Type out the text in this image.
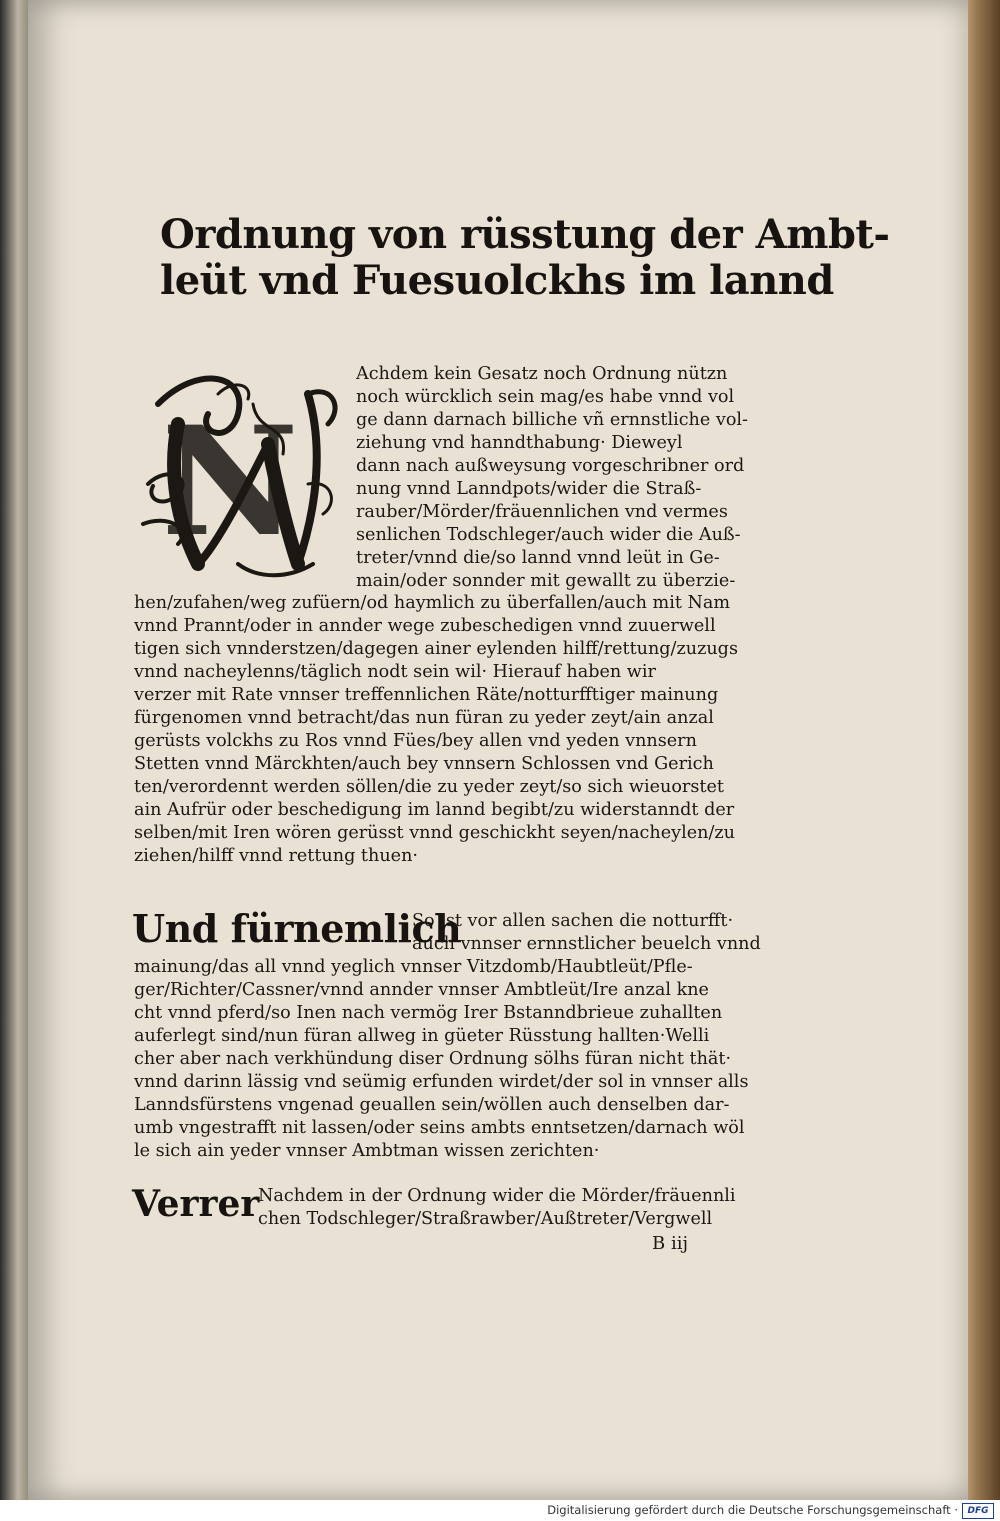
Ordnung von rüsstung der Ambt-
leüt vnd Fuesuolckhs im lannd
N
Achdem kein Gesatz noch Ordnung nützn
noch würcklich sein mag/es habe vnnd vol
ge dann darnach billiche vñ ernnstliche vol-
ziehung vnd hanndthabung· Dieweyl
dann nach außweysung vorgeschribner ord
nung vnnd Lanndpots/wider die Straß-
rauber/Mörder/fräuennlichen vnd vermes
senlichen Todschleger/auch wider die Auß-
treter/vnnd die/so lannd vnnd leüt in Ge-
main/oder sonnder mit gewallt zu überzie-
hen/zufahen/weg zufüern/od haymlich zu überfallen/auch mit Nam
vnnd Prannt/oder in annder wege zubeschedigen vnnd zuuerwell
tigen sich vnnderstzen/dagegen ainer eylenden hilff/rettung/zuzugs
vnnd nacheylenns/täglich nodt sein wil· Hierauf haben wir
verzer mit Rate vnnser treffennlichen Räte/notturfftiger mainung
fürgenomen vnnd betracht/das nun füran zu yeder zeyt/ain anzal
gerüsts volckhs zu Ros vnnd Fües/bey allen vnd yeden vnnsern
Stetten vnnd Märckhten/auch bey vnnsern Schlossen vnd Gerich
ten/verordennt werden söllen/die zu yeder zeyt/so sich wieuorstet
ain Aufrür oder beschedigung im lannd begibt/zu widerstanndt der
selben/mit Iren wören gerüsst vnnd geschickht seyen/nacheylen/zu
ziehen/hilff vnnd rettung thuen·
Und fürnemlich
So ist vor allen sachen die notturfft·
auch vnnser ernnstlicher beuelch vnnd
mainung/das all vnnd yeglich vnnser Vitzdomb/Haubtleüt/Pfle-
ger/Richter/Cassner/vnnd annder vnnser Ambtleüt/Ire anzal kne
cht vnnd pferd/so Inen nach vermög Irer Bstanndbrieue zuhallten
auferlegt sind/nun füran allweg in güeter Rüsstung hallten·Welli
cher aber nach verkhündung diser Ordnung sölhs füran nicht thät·
vnnd darinn lässig vnd seümig erfunden wirdet/der sol in vnnser alls
Lanndsfürstens vngenad geuallen sein/wöllen auch denselben dar-
umb vngestrafft nit lassen/oder seins ambts enntsetzen/darnach wöl
le sich ain yeder vnnser Ambtman wissen zerichten·
Verrer
Nachdem in der Ordnung wider die Mörder/fräuennli
chen Todschleger/Straßrawber/Außtreter/Vergwell
B iij
Digitalisierung gefördert durch die Deutsche Forschungsgemeinschaft ·	DFG
